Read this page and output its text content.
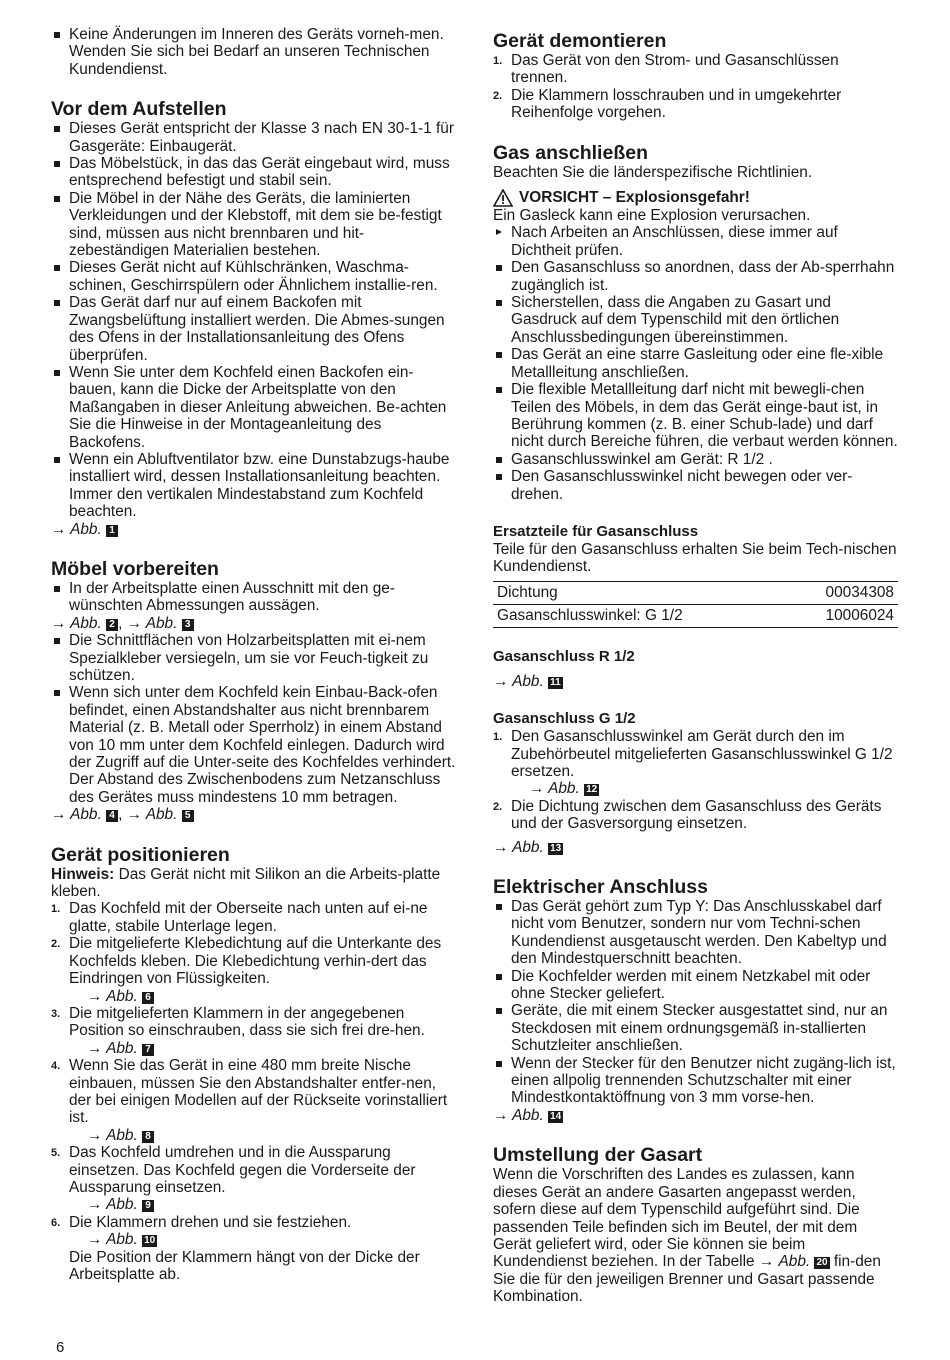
Keine Änderungen im Inneren des Geräts vorneh-men. Wenden Sie sich bei Bedarf an unseren Technischen Kundendienst.
Vor dem Aufstellen
Dieses Gerät entspricht der Klasse 3 nach EN 30-1-1 für Gasgeräte: Einbaugerät.
Das Möbelstück, in das das Gerät eingebaut wird, muss entsprechend befestigt und stabil sein.
Die Möbel in der Nähe des Geräts, die laminierten Verkleidungen und der Klebstoff, mit dem sie be-festigt sind, müssen aus nicht brennbaren und hit-zebeständigen Materialien bestehen.
Dieses Gerät nicht auf Kühlschränken, Waschma-schinen, Geschirrspülern oder Ähnlichem installie-ren.
Das Gerät darf nur auf einem Backofen mit Zwangsbelüftung installiert werden. Die Abmes-sungen des Ofens in der Installationsanleitung des Ofens überprüfen.
Wenn Sie unter dem Kochfeld einen Backofen ein-bauen, kann die Dicke der Arbeitsplatte von den Maßangaben in dieser Anleitung abweichen. Be-achten Sie die Hinweise in der Montageanleitung des Backofens.
Wenn ein Abluftventilator bzw. eine Dunstabzugs-haube installiert wird, dessen Installationsanleitung beachten. Immer den vertikalen Mindestabstand zum Kochfeld beachten.

→ Abb. 1

Möbel vorbereiten
In der Arbeitsplatte einen Ausschnitt mit den ge-wünschten Abmessungen aussägen.

→ Abb. 2 , → Abb. 3

Die Schnittflächen von Holzarbeitsplatten mit ei-nem Spezialkleber versiegeln, um sie vor Feuch-tigkeit zu schützen.
Wenn sich unter dem Kochfeld kein Einbau-Back-ofen befindet, einen Abstandshalter aus nicht brennbarem Material (z. B. Metall oder Sperrholz) in einem Abstand von 10 mm unter dem Kochfeld einlegen. Dadurch wird der Zugriff auf die Unter-seite des Kochfeldes verhindert. Der Abstand des Zwischenbodens zum Netzanschluss des Gerätes muss mindestens 10 mm betragen.

→ Abb. 4 , → Abb. 5

Gerät positionieren

Hinweis: Das Gerät nicht mit Silikon an die Arbeits-platte kleben.

1. Das Kochfeld mit der Oberseite nach unten auf ei-ne glatte, stabile Unterlage legen.
2. Die mitgelieferte Klebedichtung auf die Unterkante des Kochfelds kleben. Die Klebedichtung verhin-dert das Eindringen von Flüssigkeiten.
→ Abb. 6
3. Die mitgelieferten Klammern in der angegebenen Position so einschrauben, dass sie sich frei dre-hen.
→ Abb. 7
4. Wenn Sie das Gerät in eine 480 mm breite Nische einbauen, müssen Sie den Abstandshalter entfer-nen, der bei einigen Modellen auf der Rückseite vorinstalliert ist.
→ Abb. 8
5. Das Kochfeld umdrehen und in die Aussparung einsetzen. Das Kochfeld gegen die Vorderseite der Aussparung einsetzen.
→ Abb. 9
6. Die Klammern drehen und sie festziehen.
→ Abb. 10
Die Position der Klammern hängt von der Dicke der Arbeitsplatte ab.
Gerät demontieren
1. Das Gerät von den Strom- und Gasanschlüssen trennen.
2. Die Klammern losschrauben und in umgekehrter Reihenfolge vorgehen.
Gas anschließen

Beachten Sie die länderspezifische Richtlinien.

VORSICHT – Explosionsgefahr!

Ein Gasleck kann eine Explosion verursachen.

Nach Arbeiten an Anschlüssen, diese immer auf Dichtheit prüfen.
Den Gasanschluss so anordnen, dass der Ab-sperrhahn zugänglich ist.
Sicherstellen, dass die Angaben zu Gasart und Gasdruck auf dem Typenschild mit den örtlichen Anschlussbedingungen übereinstimmen.
Das Gerät an eine starre Gasleitung oder eine fle-xible Metallleitung anschließen.
Die flexible Metallleitung darf nicht mit bewegli-chen Teilen des Möbels, in dem das Gerät einge-baut ist, in Berührung kommen (z. B. einer Schub-lade) und darf nicht durch Bereiche führen, die verbaut werden können.
Gasanschlusswinkel am Gerät: R 1/2 .
Den Gasanschlusswinkel nicht bewegen oder ver-drehen.
Ersatzteile für Gasanschluss

Teile für den Gasanschluss erhalten Sie beim Tech-nischen Kundendienst.

Dichtung	00034308
Gasanschlusswinkel: G 1/2	10006024
Gasanschluss R 1/2

→ Abb. 11

Gasanschluss G 1/2
1. Den Gasanschlusswinkel am Gerät durch den im Zubehörbeutel mitgelieferten Gasanschlusswinkel G 1/2 ersetzen.
→ Abb. 12
2. Die Dichtung zwischen dem Gasanschluss des Geräts und der Gasversorgung einsetzen.

→ Abb. 13

Elektrischer Anschluss
Das Gerät gehört zum Typ Y: Das Anschlusskabel darf nicht vom Benutzer, sondern nur vom Techni-schen Kundendienst ausgetauscht werden. Den Kabeltyp und den Mindestquerschnitt beachten.
Die Kochfelder werden mit einem Netzkabel mit oder ohne Stecker geliefert.
Geräte, die mit einem Stecker ausgestattet sind, nur an Steckdosen mit einem ordnungsgemäß in-stallierten Schutzleiter anschließen.
Wenn der Stecker für den Benutzer nicht zugäng-lich ist, einen allpolig trennenden Schutzschalter mit einer Mindestkontaktöffnung von 3 mm vorse-hen.

→ Abb. 14

Umstellung der Gasart

Wenn die Vorschriften des Landes es zulassen, kann dieses Gerät an andere Gasarten angepasst werden, sofern diese auf dem Typenschild aufgeführt sind. Die passenden Teile befinden sich im Beutel, der mit dem Gerät geliefert wird, oder Sie können sie beim Kundendienst beziehen. In der Tabelle → Abb. 20 fin-den Sie die für den jeweiligen Brenner und Gasart passende Kombination.

6
